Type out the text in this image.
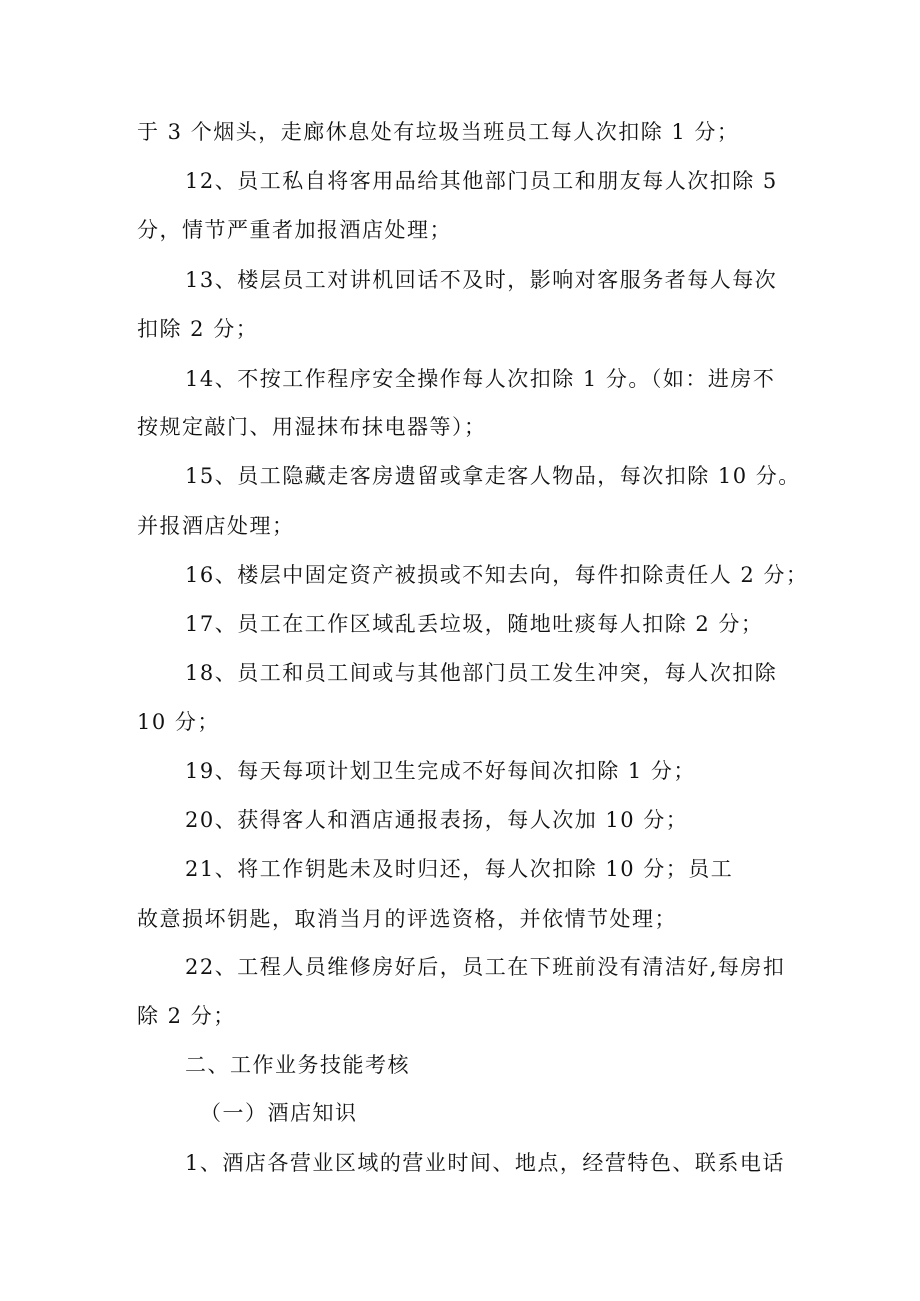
于 3 个烟头，走廊休息处有垃圾当班员工每人次扣除 1 分；
12、员工私自将客用品给其他部门员工和朋友每人次扣除 5
分，情节严重者加报酒店处理；
13、楼层员工对讲机回话不及时，影响对客服务者每人每次
扣除 2 分；
14、不按工作程序安全操作每人次扣除 1 分。（如：进房不
按规定敲门、用湿抹布抹电器等）；
15、员工隐藏走客房遗留或拿走客人物品，每次扣除 10 分。
并报酒店处理；
16、楼层中固定资产被损或不知去向，每件扣除责任人 2 分；
17、员工在工作区域乱丢垃圾，随地吐痰每人扣除 2 分；
18、员工和员工间或与其他部门员工发生冲突，每人次扣除
10 分；
19、每天每项计划卫生完成不好每间次扣除 1 分；
20、获得客人和酒店通报表扬，每人次加 10 分；
21、将工作钥匙未及时归还，每人次扣除 10 分；员工
故意损坏钥匙，取消当月的评选资格，并依情节处理；
22、工程人员维修房好后，员工在下班前没有清洁好,每房扣
除 2 分；
二、工作业务技能考核
（一）酒店知识
1、酒店各营业区域的营业时间、地点，经营特色、联系电话
